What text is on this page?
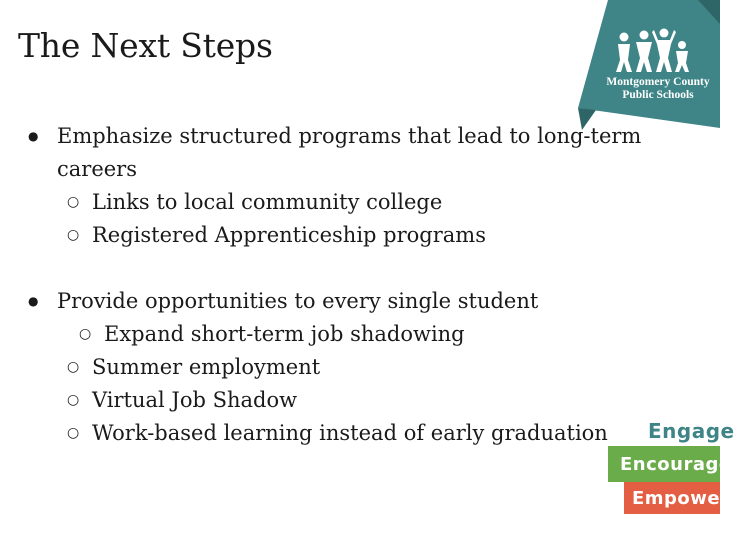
The Next Steps
Montgomery County
Public Schools
● Emphasize structured programs that lead to long-term careers
○ Links to local community college
○ Registered Apprenticeship programs
● Provide opportunities to every single student
○ Expand short-term job shadowing
○ Summer employment
○ Virtual Job Shadow
○ Work-based learning instead of early graduation	Engage
Encourage
Empower
